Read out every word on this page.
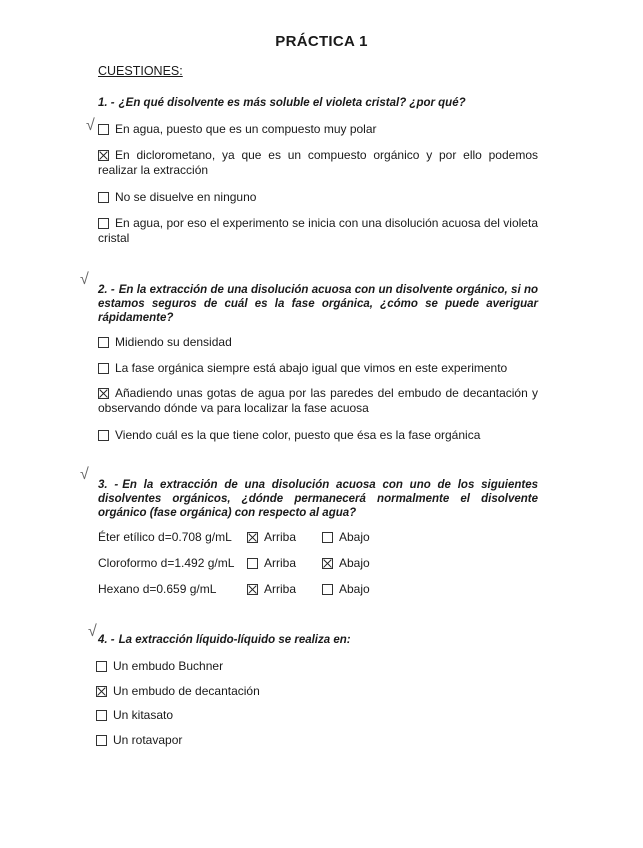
PRÁCTICA 1
CUESTIONES:
1. - ¿En qué disolvente es más soluble el violeta cristal? ¿por qué?
√	En agua, puesto que es un compuesto muy polar
En diclorometano, ya que es un compuesto orgánico y por ello podemos realizar la extracción
No se disuelve en ninguno
En agua, por eso el experimento se inicia con una disolución acuosa del violeta cristal
√
2. - En la extracción de una disolución acuosa con un disolvente orgánico, si no estamos seguros de cuál es la fase orgánica, ¿cómo se puede averiguar rápidamente?
Midiendo su densidad
La fase orgánica siempre está abajo igual que vimos en este experimento
Añadiendo unas gotas de agua por las paredes del embudo de decantación y observando dónde va para localizar la fase acuosa
Viendo cuál es la que tiene color, puesto que ésa es la fase orgánica
√
3. - En la extracción de una disolución acuosa con uno de los siguientes disolventes orgánicos, ¿dónde permanecerá normalmente el disolvente orgánico (fase orgánica) con respecto al agua?
Éter etílico d=0.708 g/mL	Arriba	Abajo
Cloroformo d=1.492 g/mL	Arriba	Abajo
Hexano d=0.659 g/mL	Arriba	Abajo
√ 4. - La extracción líquido-líquido se realiza en:
Un embudo Buchner
Un embudo de decantación
Un kitasato
Un rotavapor
